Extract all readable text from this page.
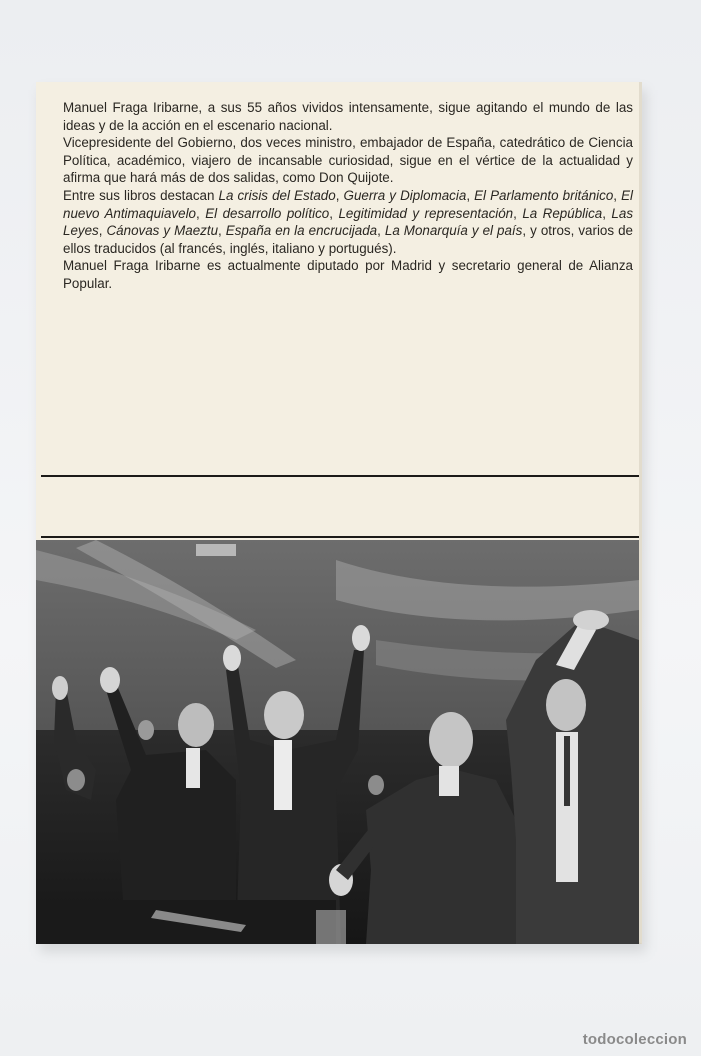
Manuel Fraga Iribarne, a sus 55 años vividos intensamente, sigue agitando el mundo de las ideas y de la acción en el escenario nacional.

Vicepresidente del Gobierno, dos veces ministro, embajador de España, catedrático de Ciencia Política, académico, viajero de incansable curiosidad, sigue en el vértice de la actualidad y afirma que hará más de dos salidas, como Don Quijote.

Entre sus libros destacan La crisis del Estado, Guerra y Diplomacia, El Parlamento británico, El nuevo Antimaquiavelo, El desarrollo político, Legitimidad y representación, La República, Las Leyes, Cánovas y Maeztu, España en la encrucijada, La Monarquía y el país, y otros, varios de ellos traducidos (al francés, inglés, italiano y portugués).

Manuel Fraga Iribarne es actualmente diputado por Madrid y secretario general de Alianza Popular.

todocoleccion
